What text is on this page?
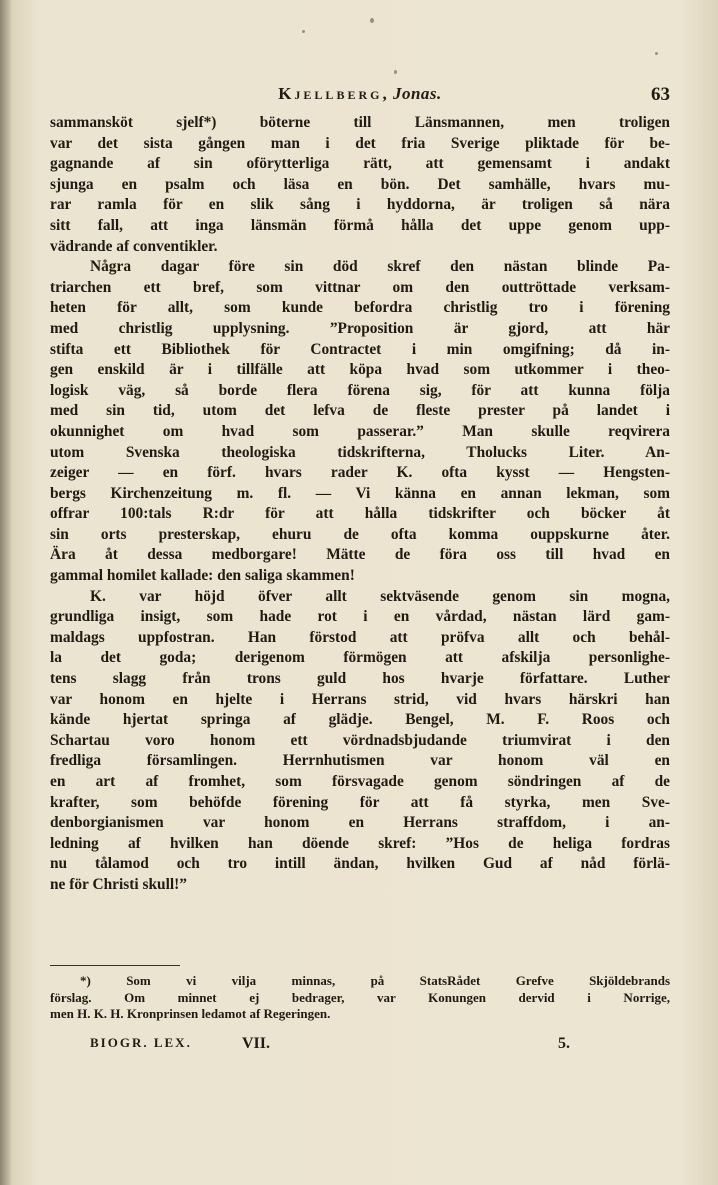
Kjellberg, Jonas.	63
sammansköt sjelf*) böterne till Länsmannen, men troligen
var det sista gången man i det fria Sverige pliktade för be-
gagnande af sin oförytterliga rätt, att gemensamt i andakt
sjunga en psalm och läsa en bön. Det samhälle, hvars mu-
rar ramla för en slik sång i hyddorna, är troligen så nära
sitt fall, att inga länsmän förmå hålla det uppe genom upp-
vädrande af conventikler.
Några dagar före sin död skref den nästan blinde Pa-
triarchen ett bref, som vittnar om den outtröttade verksam-
heten för allt, som kunde befordra christlig tro i förening
med christlig upplysning. ”Proposition är gjord, att här
stifta ett Bibliothek för Contractet i min omgifning; då in-
gen enskild är i tillfälle att köpa hvad som utkommer i theo-
logisk väg, så borde flera förena sig, för att kunna följa
med sin tid, utom det lefva de fleste prester på landet i
okunnighet om hvad som passerar.” Man skulle reqvirera
utom Svenska theologiska tidskrifterna, Tholucks Liter. An-
zeiger — en förf. hvars rader K. ofta kysst — Hengsten-
bergs Kirchenzeitung m. fl. — Vi känna en annan lekman, som
offrar 100:tals R:dr för att hålla tidskrifter och böcker åt
sin orts presterskap, ehuru de ofta komma ouppskurne åter.
Ära åt dessa medborgare! Mätte de föra oss till hvad en
gammal homilet kallade: den saliga skammen!
K. var höjd öfver allt sektväsende genom sin mogna,
grundliga insigt, som hade rot i en vårdad, nästan lärd gam-
maldags uppfostran. Han förstod att pröfva allt och behål-
la det goda; derigenom förmögen att afskilja personlighe-
tens slagg från trons guld hos hvarje författare. Luther
var honom en hjelte i Herrans strid, vid hvars härskri han
kände hjertat springa af glädje. Bengel, M. F. Roos och
Schartau voro honom ett vördnadsbjudande triumvirat i den
fredliga församlingen. Herrnhutismen var honom väl en
en art af fromhet, som försvagade genom söndringen af de
krafter, som behöfde förening för att få styrka, men Sve-
denborgianismen var honom en Herrans straffdom, i an-
ledning af hvilken han döende skref: ”Hos de heliga fordras
nu tålamod och tro intill ändan, hvilken Gud af nåd förlä-
ne för Christi skull!”
*) Som vi vilja minnas, på StatsRådet Grefve Skjöldebrands
förslag. Om minnet ej bedrager, var Konungen dervid i Norrige,
men H. K. H. Kronprinsen ledamot af Regeringen.
BIOGR. LEX.	VII.	5.
